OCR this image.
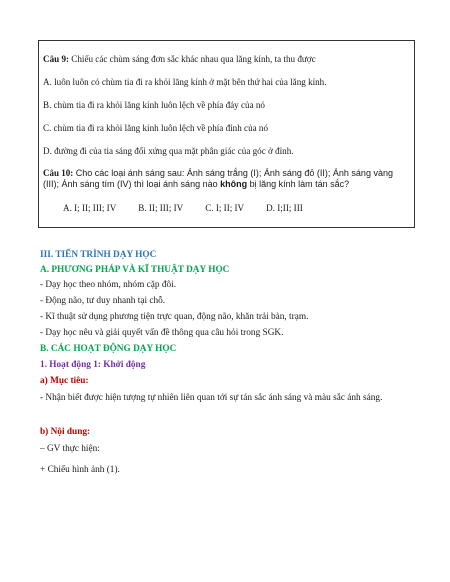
Câu 9: Chiếu các chùm sáng đơn sắc khác nhau qua lăng kính, ta thu được

A. luôn luôn có chùm tia đi ra khỏi lăng kính ở mặt bên thứ hai của lăng kính.

B. chùm tia đi ra khỏi lăng kính luôn lệch về phía đáy của nó

C. chùm tia đi ra khỏi lăng kính luôn lệch về phía đỉnh của nó

D. đường đi của tia sáng đối xứng qua mặt phân giác của góc ở đỉnh.

Câu 10: Cho các loại ánh sáng sau: Ánh sáng trắng (I); Ánh sáng đỏ (II); Ánh sáng vàng (III); Ánh sáng tím (IV) thì loại ánh sáng nào không bị lăng kính làm tán sắc?

A. I; II; III; IV B. II; III; IV C. I; II; IV D. I;II; III

III. TIẾN TRÌNH DẠY HỌC

A. PHƯƠNG PHÁP VÀ KĨ THUẬT DẠY HỌC

- Dạy học theo nhóm, nhóm cặp đôi.

- Động não, tư duy nhanh tại chỗ.

- Kĩ thuật sử dụng phương tiện trực quan, động não, khăn trải bàn, trạm.

- Dạy học nêu và giải quyết vấn đề thông qua câu hỏi trong SGK.

B. CÁC HOẠT ĐỘNG DẠY HỌC

1. Hoạt động 1: Khởi động

a) Mục tiêu:

- Nhận biết được hiện tượng tự nhiên liên quan tới sự tán sắc ánh sáng và màu sắc ánh sáng.

b) Nội dung:

– GV thực hiện:

+ Chiếu hình ảnh (1).
